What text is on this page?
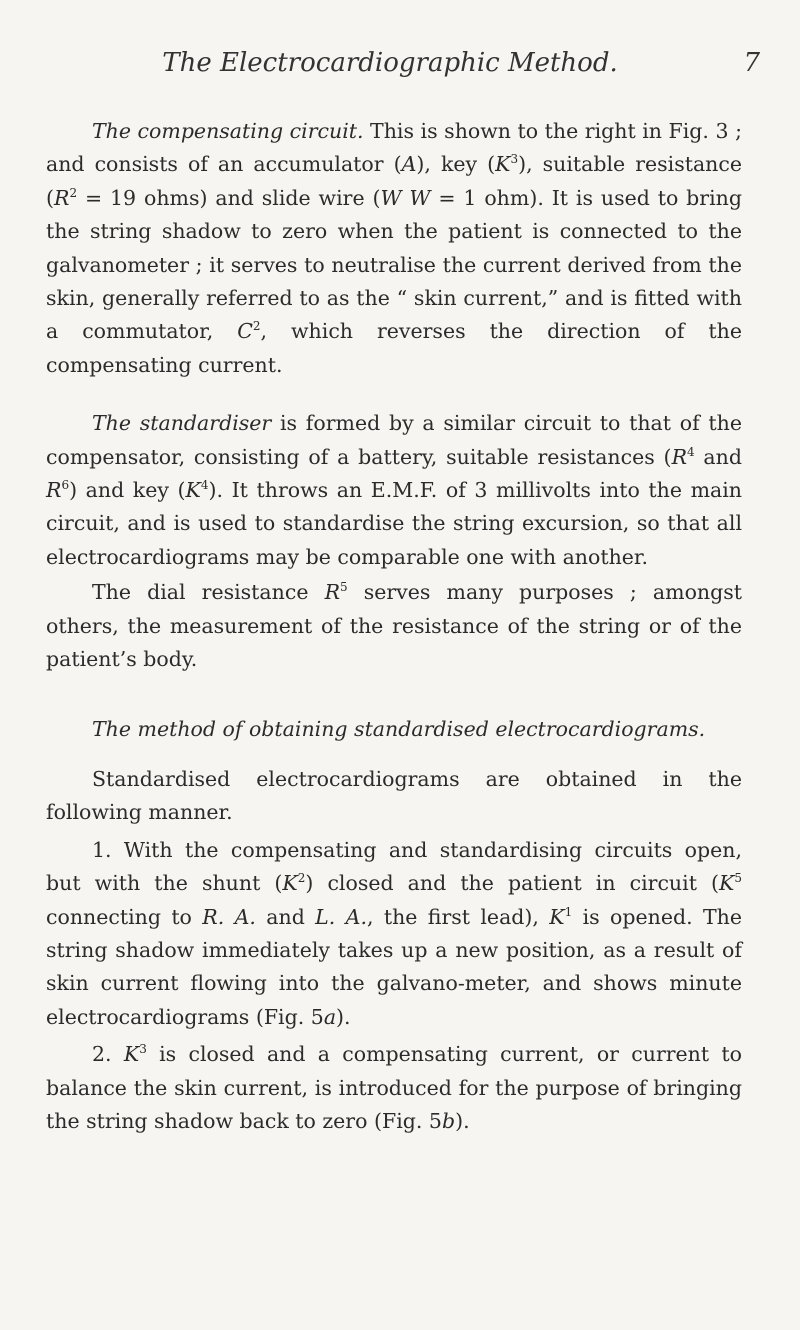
The Electrocardiographic Method.	7

The compensating circuit. This is shown to the right in Fig. 3 ; and consists of an accumulator (A), key $(K^3)$, suitable resistance ($R^2 = 19$ ohms) and slide wire (W W = 1 ohm). It is used to bring the string shadow to zero when the patient is connected to the galvanometer ; it serves to neutralise the current derived from the skin, generally referred to as the “ skin current,” and is fitted with a commutator, $C^2$, which reverses the direction of the compensating current.

The standardiser is formed by a similar circuit to that of the compensator, consisting of a battery, suitable resistances ($R^4$ and $R^6$) and key $(K^4)$. It throws an E.M.F. of 3 millivolts into the main circuit, and is used to standardise the string excursion, so that all electrocardiograms may be comparable one with another.

The dial resistance $R^5$ serves many purposes ; amongst others, the measurement of the resistance of the string or of the patient’s body.

The method of obtaining standardised electrocardiograms.

Standardised electrocardiograms are obtained in the following manner.

1. With the compensating and standardising circuits open, but with the shunt $(K^2)$ closed and the patient in circuit ($K^5$ connecting to R. A. and L. A., the first lead), $K^1$ is opened. The string shadow immediately takes up a new position, as a result of skin current flowing into the galvano-meter, and shows minute electrocardiograms (Fig. 5a).

2. $K^3$ is closed and a compensating current, or current to balance the skin current, is introduced for the purpose of bringing the string shadow back to zero (Fig. 5b).
